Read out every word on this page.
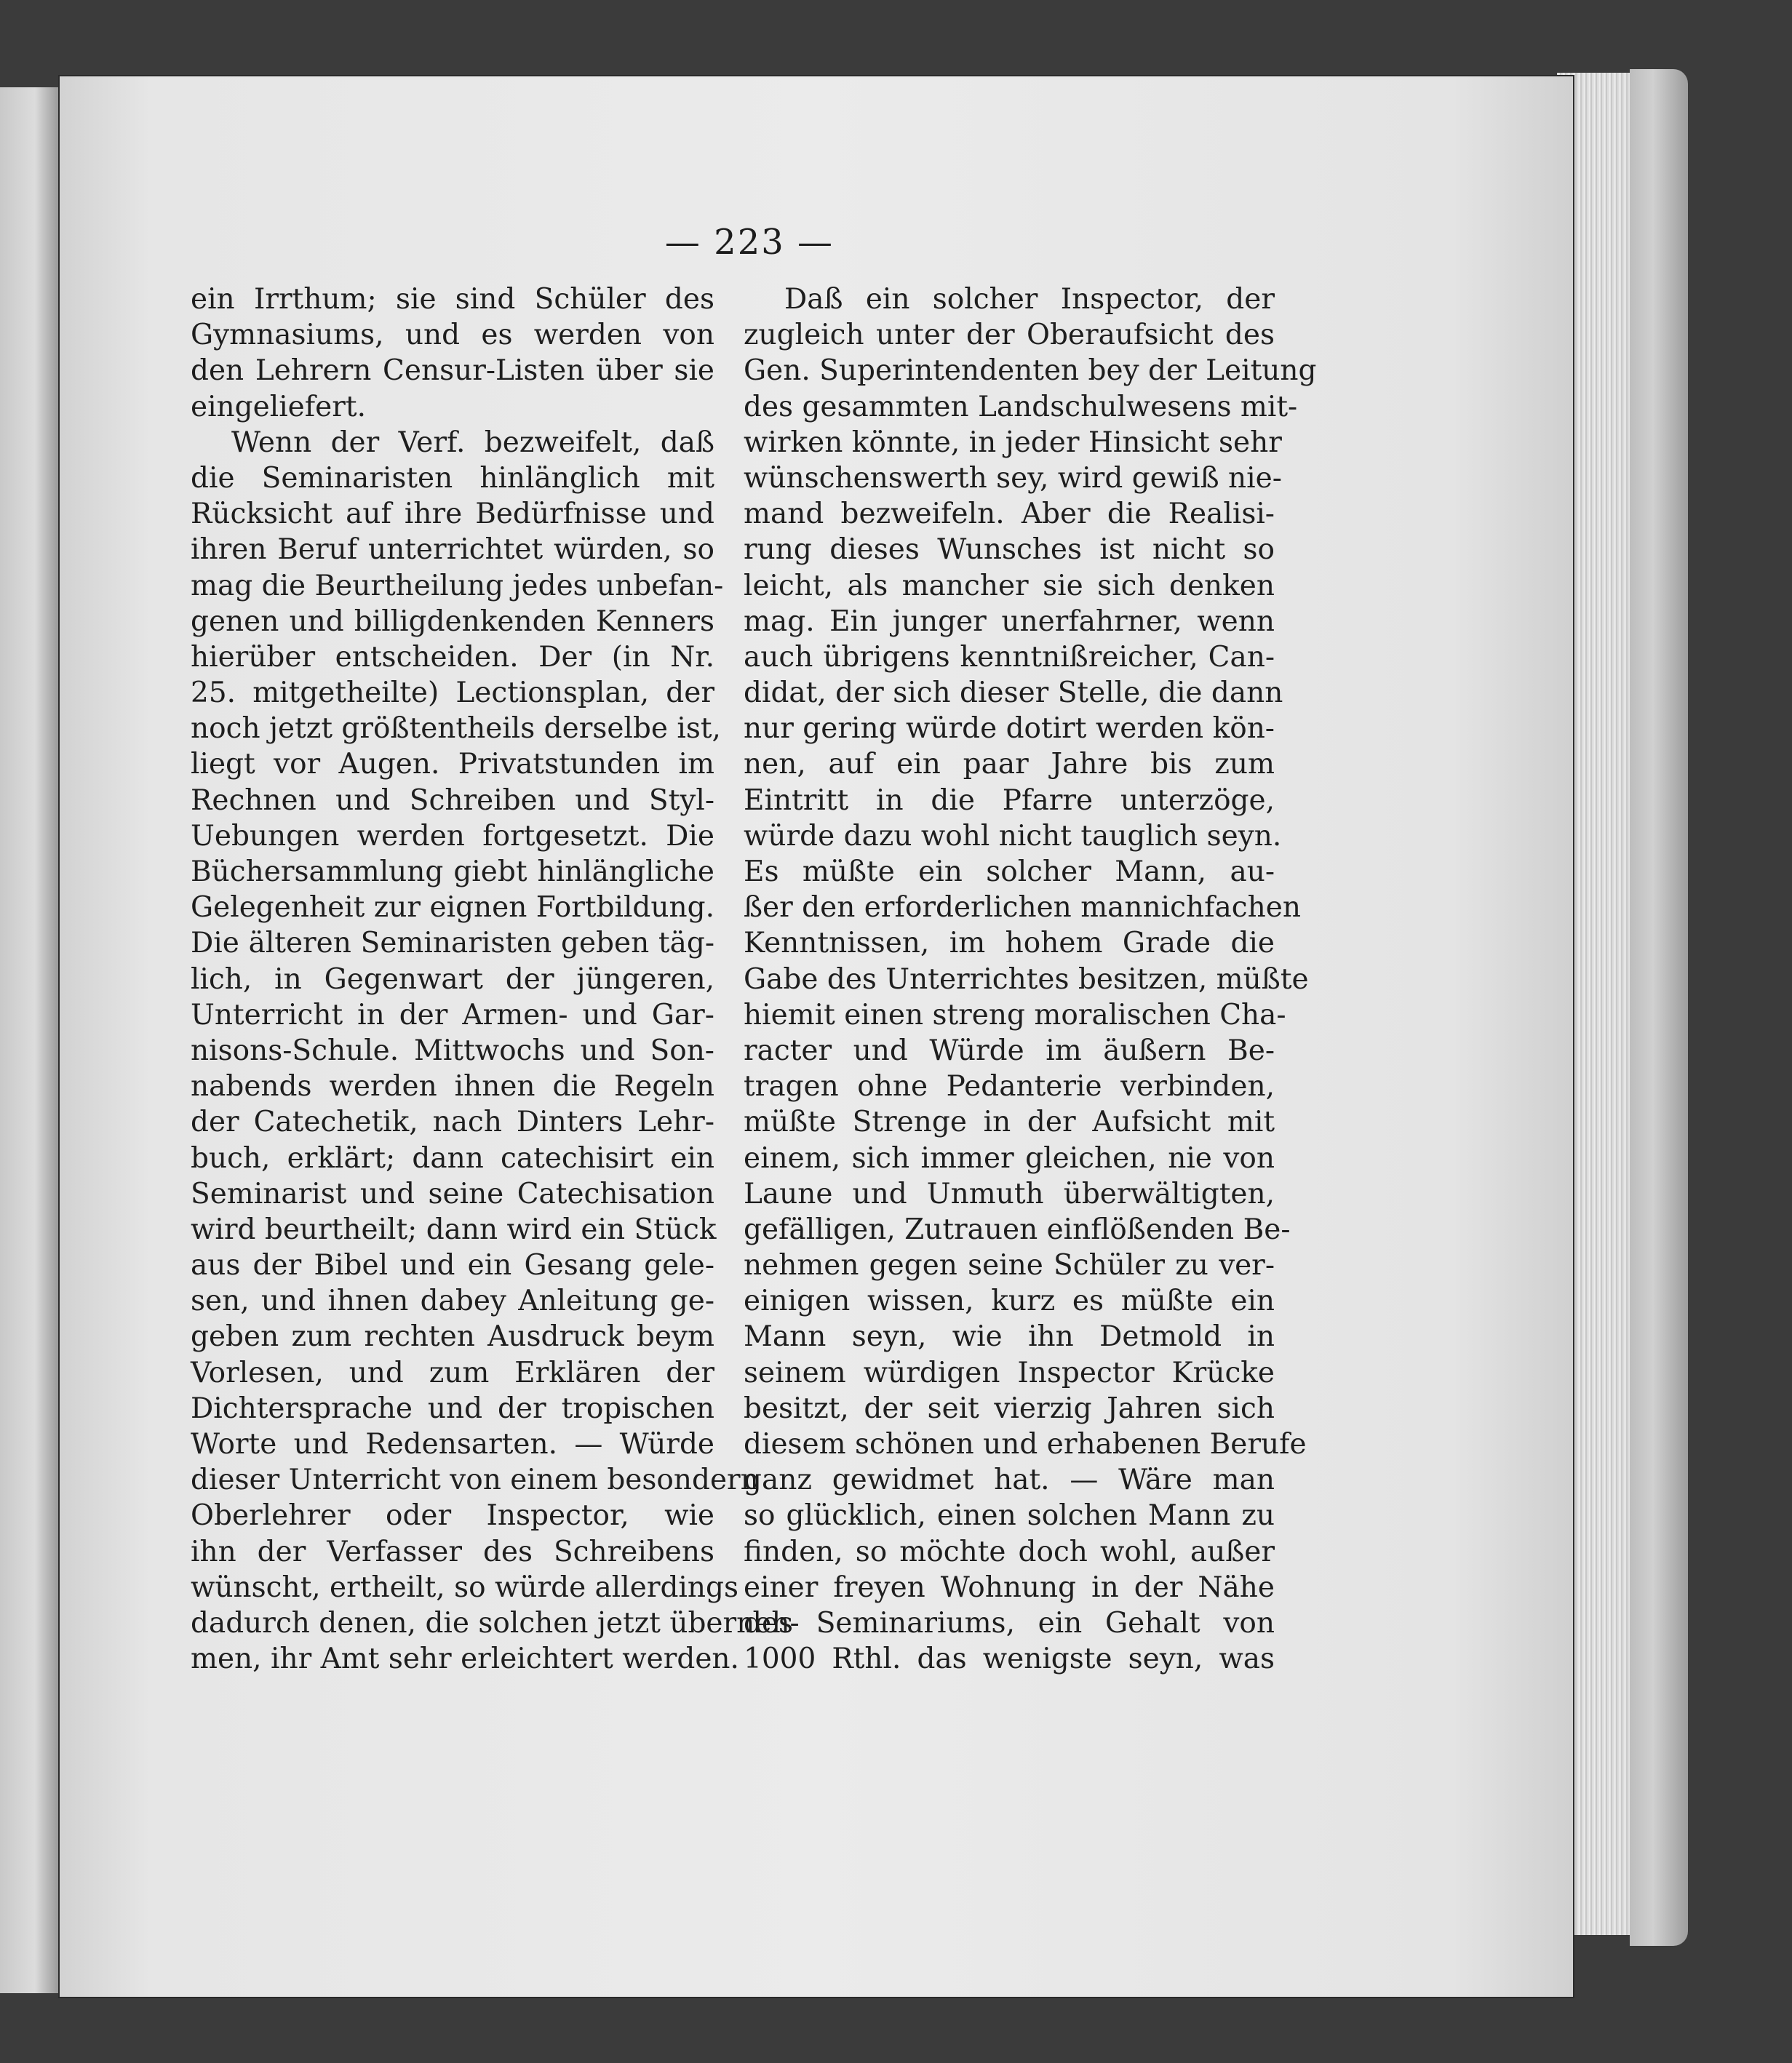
— 223 —
ein Irrthum; sie sind Schüler des
Gymnasiums, und es werden von
den Lehrern Censur-Listen über sie
eingeliefert.
Wenn der Verf. bezweifelt, daß
die Seminaristen hinlänglich mit
Rücksicht auf ihre Bedürfnisse und
ihren Beruf unterrichtet würden, so
mag die Beurtheilung jedes unbefan-
genen und billigdenkenden Kenners
hierüber entscheiden. Der (in Nr.
25. mitgetheilte) Lectionsplan, der
noch jetzt größtentheils derselbe ist,
liegt vor Augen. Privatstunden im
Rechnen und Schreiben und Styl-
Uebungen werden fortgesetzt. Die
Büchersammlung giebt hinlängliche
Gelegenheit zur eignen Fortbildung.
Die älteren Seminaristen geben täg-
lich, in Gegenwart der jüngeren,
Unterricht in der Armen- und Gar-
nisons-Schule. Mittwochs und Son-
nabends werden ihnen die Regeln
der Catechetik, nach Dinters Lehr-
buch, erklärt; dann catechisirt ein
Seminarist und seine Catechisation
wird beurtheilt; dann wird ein Stück
aus der Bibel und ein Gesang gele-
sen, und ihnen dabey Anleitung ge-
geben zum rechten Ausdruck beym
Vorlesen, und zum Erklären der
Dichtersprache und der tropischen
Worte und Redensarten. — Würde
dieser Unterricht von einem besondern
Oberlehrer oder Inspector, wie
ihn der Verfasser des Schreibens
wünscht, ertheilt, so würde allerdings
dadurch denen, die solchen jetzt überneh-
men, ihr Amt sehr erleichtert werden.
Daß ein solcher Inspector, der
zugleich unter der Oberaufsicht des
Gen. Superintendenten bey der Leitung
des gesammten Landschulwesens mit-
wirken könnte, in jeder Hinsicht sehr
wünschenswerth sey, wird gewiß nie-
mand bezweifeln. Aber die Realisi-
rung dieses Wunsches ist nicht so
leicht, als mancher sie sich denken
mag. Ein junger unerfahrner, wenn
auch übrigens kenntnißreicher, Can-
didat, der sich dieser Stelle, die dann
nur gering würde dotirt werden kön-
nen, auf ein paar Jahre bis zum
Eintritt in die Pfarre unterzöge,
würde dazu wohl nicht tauglich seyn.
Es müßte ein solcher Mann, au-
ßer den erforderlichen mannichfachen
Kenntnissen, im hohem Grade die
Gabe des Unterrichtes besitzen, müßte
hiemit einen streng moralischen Cha-
racter und Würde im äußern Be-
tragen ohne Pedanterie verbinden,
müßte Strenge in der Aufsicht mit
einem, sich immer gleichen, nie von
Laune und Unmuth überwältigten,
gefälligen, Zutrauen einflößenden Be-
nehmen gegen seine Schüler zu ver-
einigen wissen, kurz es müßte ein
Mann seyn, wie ihn Detmold in
seinem würdigen Inspector Krücke
besitzt, der seit vierzig Jahren sich
diesem schönen und erhabenen Berufe
ganz gewidmet hat. — Wäre man
so glücklich, einen solchen Mann zu
finden, so möchte doch wohl, außer
einer freyen Wohnung in der Nähe
des Seminariums, ein Gehalt von
1000 Rthl. das wenigste seyn, was
